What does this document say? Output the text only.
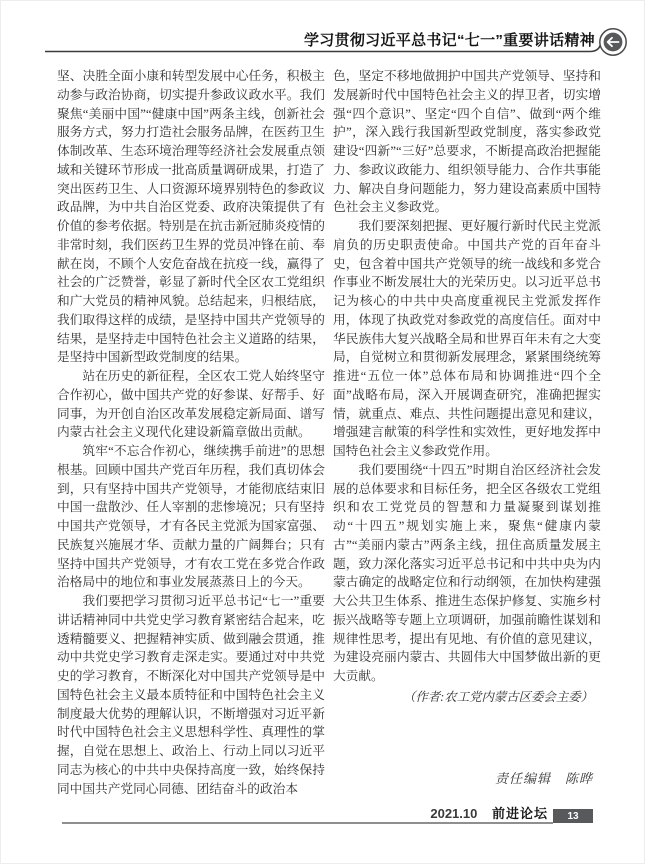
学习贯彻习近平总书记“七一”重要讲话精神

坚、决胜全面小康和转型发展中心任务，积极主动参与政治协商，切实提升参政议政水平。我们聚焦“美丽中国”“健康中国”两条主线，创新社会服务方式，努力打造社会服务品牌，在医药卫生体制改革、生态环境治理等经济社会发展重点领域和关键环节形成一批高质量调研成果，打造了突出医药卫生、人口资源环境界别特色的参政议政品牌，为中共自治区党委、政府决策提供了有价值的参考依据。特别是在抗击新冠肺炎疫情的非常时刻，我们医药卫生界的党员冲锋在前、奉献在岗，不顾个人安危奋战在抗疫一线，赢得了社会的广泛赞誉，彰显了新时代全区农工党组织和广大党员的精神风貌。总结起来，归根结底，我们取得这样的成绩，是坚持中国共产党领导的结果，是坚持走中国特色社会主义道路的结果，是坚持中国新型政党制度的结果。

站在历史的新征程，全区农工党人始终坚守合作初心，做中国共产党的好参谋、好帮手、好同事，为开创自治区改革发展稳定新局面、谱写内蒙古社会主义现代化建设新篇章做出贡献。

筑牢“不忘合作初心，继续携手前进”的思想根基。回顾中国共产党百年历程，我们真切体会到，只有坚持中国共产党领导，才能彻底结束旧中国一盘散沙、任人宰割的悲惨境况；只有坚持中国共产党领导，才有各民主党派为国家富强、民族复兴施展才华、贡献力量的广阔舞台；只有坚持中国共产党领导，才有农工党在多党合作政治格局中的地位和事业发展蒸蒸日上的今天。

我们要把学习贯彻习近平总书记“七一”重要讲话精神同中共党史学习教育紧密结合起来，吃透精髓要义、把握精神实质、做到融会贯通，推动中共党史学习教育走深走实。要通过对中共党史的学习教育，不断深化对中国共产党领导是中国特色社会主义最本质特征和中国特色社会主义制度最大优势的理解认识，不断增强对习近平新时代中国特色社会主义思想科学性、真理性的掌握，自觉在思想上、政治上、行动上同以习近平同志为核心的中共中央保持高度一致，始终保持同中国共产党同心同德、团结奋斗的政治本

色，坚定不移地做拥护中国共产党领导、坚持和发展新时代中国特色社会主义的捍卫者，切实增强“四个意识”、坚定“四个自信”、做到“两个维护”，深入践行我国新型政党制度，落实参政党建设“四新”“三好”总要求，不断提高政治把握能力、参政议政能力、组织领导能力、合作共事能力、解决自身问题能力，努力建设高素质中国特色社会主义参政党。

我们要深刻把握、更好履行新时代民主党派肩负的历史职责使命。中国共产党的百年奋斗史，包含着中国共产党领导的统一战线和多党合作事业不断发展壮大的光荣历史。以习近平总书记为核心的中共中央高度重视民主党派发挥作用，体现了执政党对参政党的高度信任。面对中华民族伟大复兴战略全局和世界百年未有之大变局，自觉树立和贯彻新发展理念，紧紧围绕统筹推进“五位一体”总体布局和协调推进“四个全面”战略布局，深入开展调查研究，准确把握实情，就重点、难点、共性问题提出意见和建议，增强建言献策的科学性和实效性，更好地发挥中国特色社会主义参政党作用。

我们要围绕“十四五”时期自治区经济社会发展的总体要求和目标任务，把全区各级农工党组织和农工党党员的智慧和力量凝聚到谋划推动“十四五”规划实施上来，聚焦“健康内蒙古”“美丽内蒙古”两条主线，扭住高质量发展主题，致力深化落实习近平总书记和中共中央为内蒙古确定的战略定位和行动纲领，在加快构建强大公共卫生体系、推进生态保护修复、实施乡村振兴战略等专题上立项调研，加强前瞻性谋划和规律性思考，提出有见地、有价值的意见建议，为建设亮丽内蒙古、共圆伟大中国梦做出新的更大贡献。

（作者:农工党内蒙古区委会主委）

责任编辑　陈晔
2021.10 前进论坛	13
